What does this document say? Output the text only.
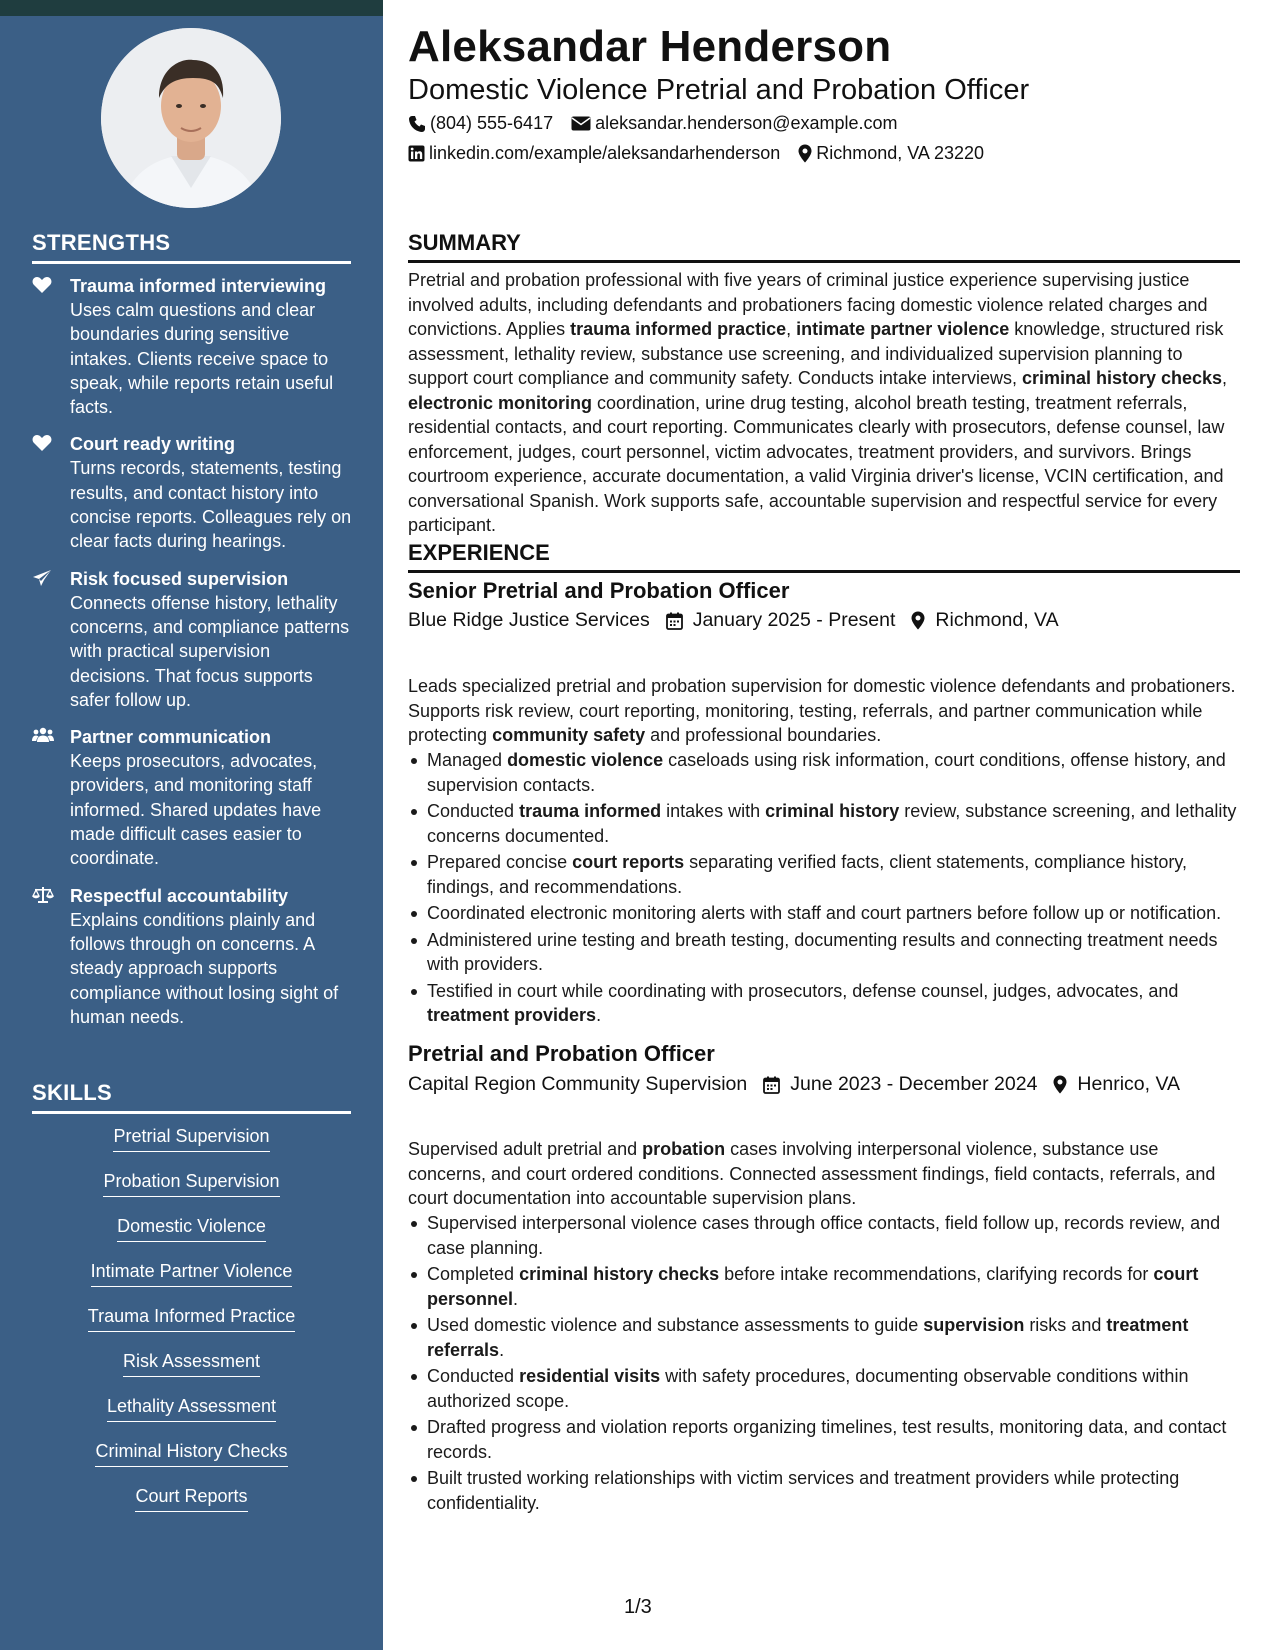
STRENGTHS
Trauma informed interviewing
Uses calm questions and clear boundaries during sensitive intakes. Clients receive space to speak, while reports retain useful facts.
Court ready writing
Turns records, statements, testing results, and contact history into concise reports. Colleagues rely on clear facts during hearings.
Risk focused supervision
Connects offense history, lethality concerns, and compliance patterns with practical supervision decisions. That focus supports safer follow up.
Partner communication
Keeps prosecutors, advocates, providers, and monitoring staff informed. Shared updates have made difficult cases easier to coordinate.
Respectful accountability
Explains conditions plainly and follows through on concerns. A steady approach supports compliance without losing sight of human needs.
SKILLS
Pretrial Supervision
Probation Supervision
Domestic Violence
Intimate Partner Violence
Trauma Informed Practice
Risk Assessment
Lethality Assessment
Criminal History Checks
Court Reports
Aleksandar Henderson
Domestic Violence Pretrial and Probation Officer
(804) 555-6417 aleksandar.henderson@example.com
linkedin.com/example/aleksandarhenderson Richmond, VA 23220
SUMMARY

Pretrial and probation professional with five years of criminal justice experience supervising justice involved adults, including defendants and probationers facing domestic violence related charges and convictions. Applies trauma informed practice, intimate partner violence knowledge, structured risk assessment, lethality review, substance use screening, and individualized supervision planning to support court compliance and community safety. Conducts intake interviews, criminal history checks, electronic monitoring coordination, urine drug testing, alcohol breath testing, treatment referrals, residential contacts, and court reporting. Communicates clearly with prosecutors, defense counsel, law enforcement, judges, court personnel, victim advocates, treatment providers, and survivors. Brings courtroom experience, accurate documentation, a valid Virginia driver's license, VCIN certification, and conversational Spanish. Work supports safe, accountable supervision and respectful service for every participant.

EXPERIENCE
Senior Pretrial and Probation Officer
Blue Ridge Justice Services January 2025 - Present Richmond, VA

Leads specialized pretrial and probation supervision for domestic violence defendants and probationers. Supports risk review, court reporting, monitoring, testing, referrals, and partner communication while protecting community safety and professional boundaries.

Managed domestic violence caseloads using risk information, court conditions, offense history, and supervision contacts.
Conducted trauma informed intakes with criminal history review, substance screening, and lethality concerns documented.
Prepared concise court reports separating verified facts, client statements, compliance history, findings, and recommendations.
Coordinated electronic monitoring alerts with staff and court partners before follow up or notification.
Administered urine testing and breath testing, documenting results and connecting treatment needs with providers.
Testified in court while coordinating with prosecutors, defense counsel, judges, advocates, and treatment providers.
Pretrial and Probation Officer
Capital Region Community Supervision June 2023 - December 2024 Henrico, VA

Supervised adult pretrial and probation cases involving interpersonal violence, substance use concerns, and court ordered conditions. Connected assessment findings, field contacts, referrals, and court documentation into accountable supervision plans.

Supervised interpersonal violence cases through office contacts, field follow up, records review, and case planning.
Completed criminal history checks before intake recommendations, clarifying records for court personnel.
Used domestic violence and substance assessments to guide supervision risks and treatment referrals.
Conducted residential visits with safety procedures, documenting observable conditions within authorized scope.
Drafted progress and violation reports organizing timelines, test results, monitoring data, and contact records.
Built trusted working relationships with victim services and treatment providers while protecting confidentiality.
1/3
